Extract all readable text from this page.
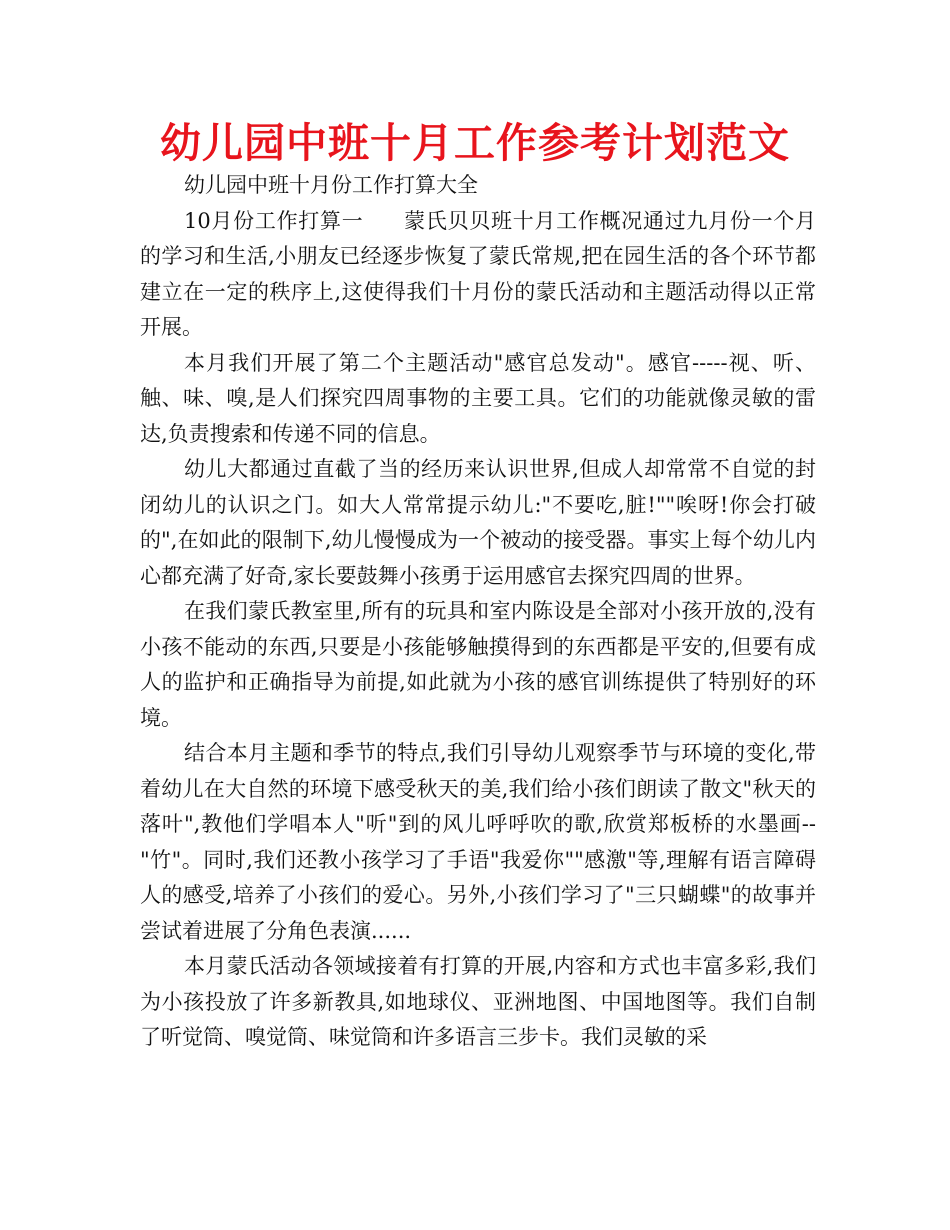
幼儿园中班十月工作参考计划范文

幼儿园中班十月份工作打算大全

10月份工作打算一 蒙氏贝贝班十月工作概况通过九月份一个月的学习和生活,小朋友已经逐步恢复了蒙氏常规,把在园生活的各个环节都建立在一定的秩序上,这使得我们十月份的蒙氏活动和主题活动得以正常开展。

本月我们开展了第二个主题活动"感官总发动"。感官-----视、听、触、味、嗅,是人们探究四周事物的主要工具。它们的功能就像灵敏的雷达,负责搜索和传递不同的信息。

幼儿大都通过直截了当的经历来认识世界,但成人却常常不自觉的封闭幼儿的认识之门。如大人常常提示幼儿:"不要吃,脏!""唉呀!你会打破的",在如此的限制下,幼儿慢慢成为一个被动的接受器。事实上每个幼儿内心都充满了好奇,家长要鼓舞小孩勇于运用感官去探究四周的世界。

在我们蒙氏教室里,所有的玩具和室内陈设是全部对小孩开放的,没有小孩不能动的东西,只要是小孩能够触摸得到的东西都是平安的,但要有成人的监护和正确指导为前提,如此就为小孩的感官训练提供了特别好的环境。

结合本月主题和季节的特点,我们引导幼儿观察季节与环境的变化,带着幼儿在大自然的环境下感受秋天的美,我们给小孩们朗读了散文"秋天的落叶",教他们学唱本人"听"到的风儿呼呼吹的歌,欣赏郑板桥的水墨画--"竹"。同时,我们还教小孩学习了手语"我爱你""感激"等,理解有语言障碍人的感受,培养了小孩们的爱心。另外,小孩们学习了"三只蝴蝶"的故事并尝试着进展了分角色表演......

本月蒙氏活动各领域接着有打算的开展,内容和方式也丰富多彩,我们为小孩投放了许多新教具,如地球仪、亚洲地图、中国地图等。我们自制了听觉筒、嗅觉筒、味觉筒和许多语言三步卡。我们灵敏的采
